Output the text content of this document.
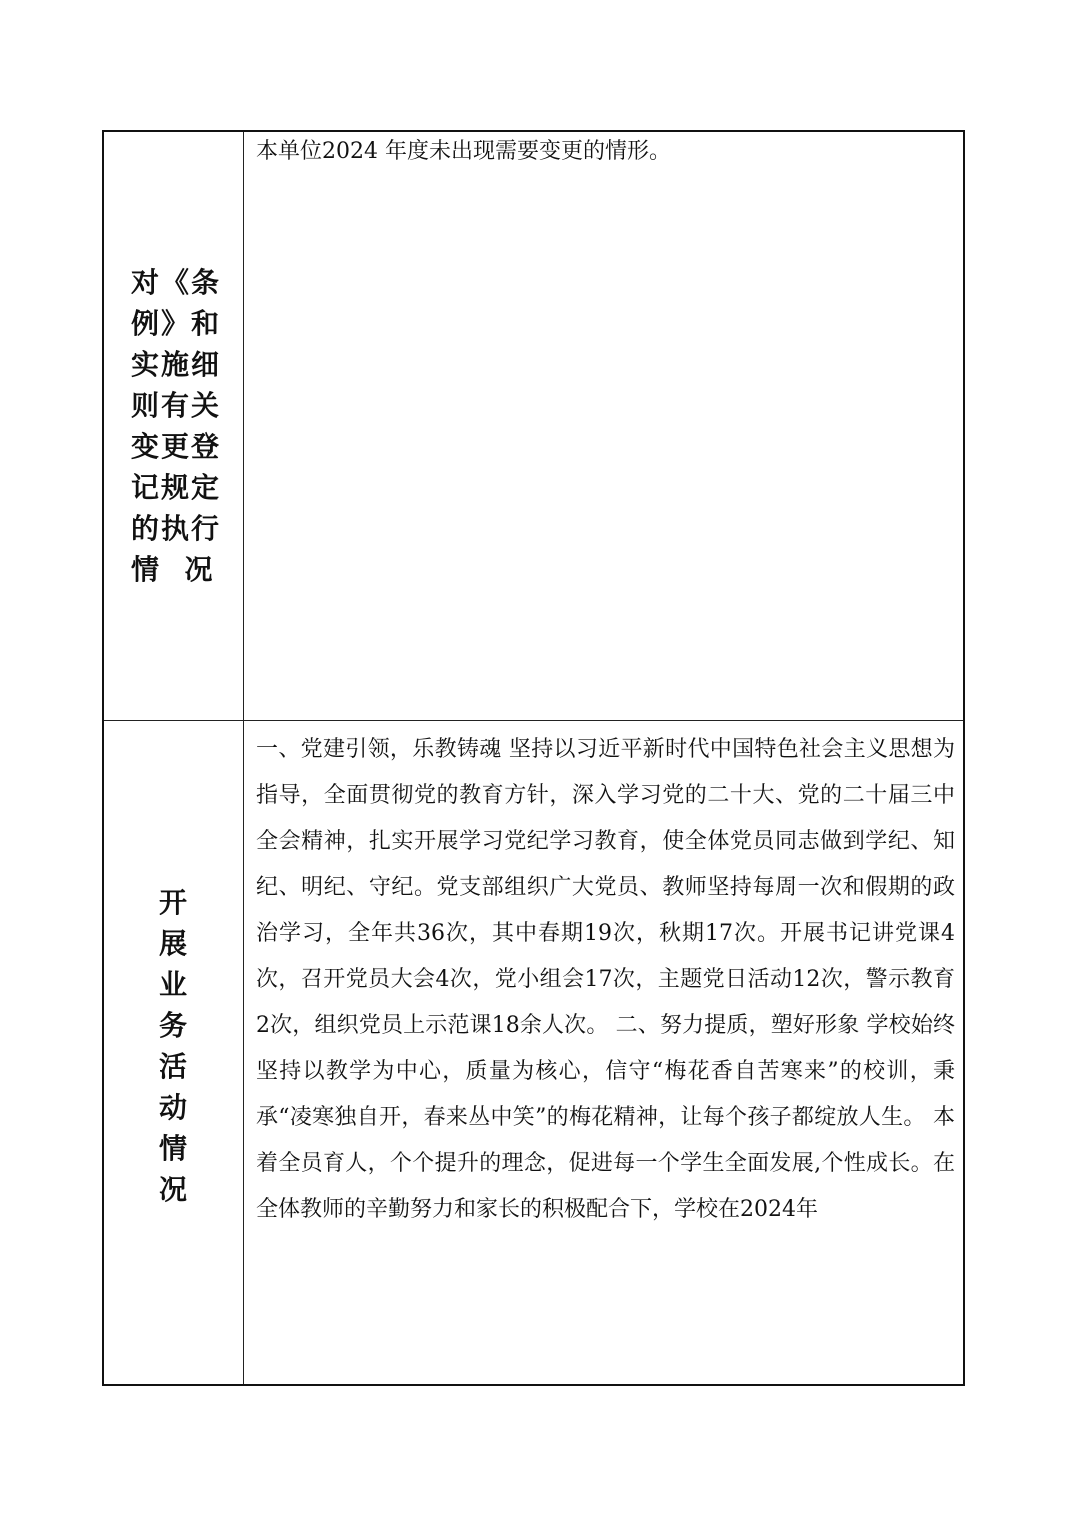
对《条例》和实施细则有关变更登记规定的执行情  况
本单位2024 年度未出现需要变更的情形。
开展业务活动情况
一、党建引领，乐教铸魂 坚持以习近平新时代中国特色社会主义思想为指导，全面贯彻党的教育方针，深入学习党的二十大、党的二十届三中全会精神，扎实开展学习党纪学习教育，使全体党员同志做到学纪、知纪、明纪、守纪。党支部组织广大党员、教师坚持每周一次和假期的政治学习，全年共36次，其中春期19次，秋期17次。开展书记讲党课4次，召开党员大会4次，党小组会17次，主题党日活动12次，警示教育2次，组织党员上示范课18余人次。 二、努力提质，塑好形象 学校始终坚持以教学为中心，质量为核心，信守“梅花香自苦寒来”的校训，秉承“凌寒独自开，春来丛中笑”的梅花精神，让每个孩子都绽放人生。 本着全员育人，个个提升的理念，促进每一个学生全面发展,个性成长。在全体教师的辛勤努力和家长的积极配合下，学校在2024年
